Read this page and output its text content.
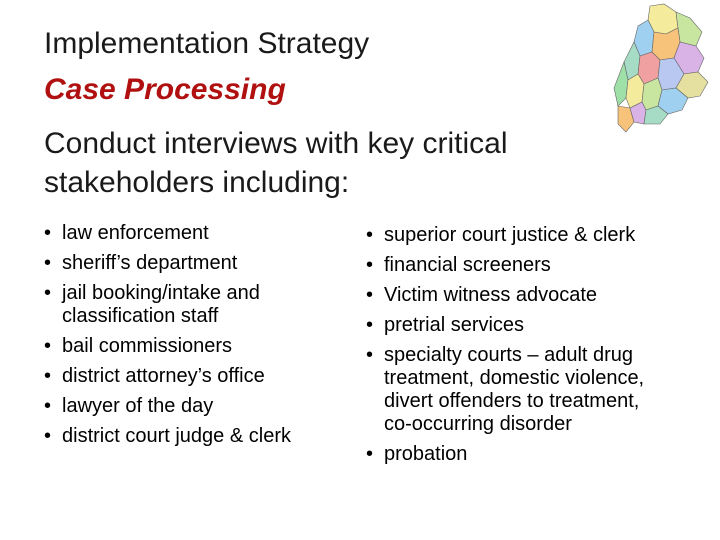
Implementation Strategy
Case Processing
Conduct interviews with key critical stakeholders including:
• law enforcement
• sheriff’s department
• jail booking/intake and classification staff
• bail commissioners
• district attorney’s office
• lawyer of the day
• district court judge & clerk
• superior court justice & clerk
• financial screeners
• Victim witness advocate
• pretrial services
• specialty courts – adult drug treatment, domestic violence, divert offenders to treatment, co-occurring disorder
• probation
